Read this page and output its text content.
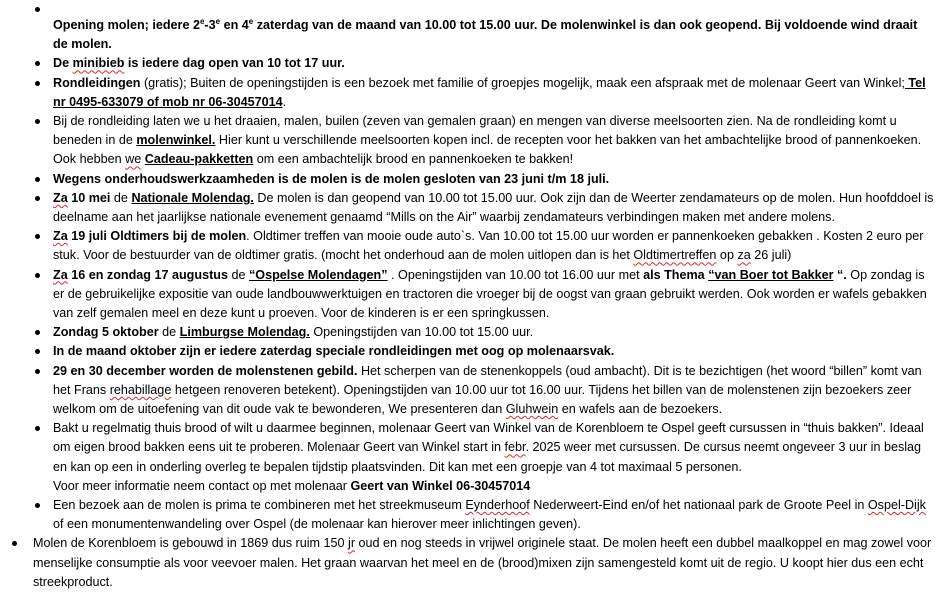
Opening molen; iedere 2e-3e en 4e zaterdag van de maand van 10.00 tot 15.00 uur. De molenwinkel is dan ook geopend. Bij voldoende wind draait de molen.
De minibieb is iedere dag open van 10 tot 17 uur.
Rondleidingen (gratis); Buiten de openingstijden is een bezoek met familie of groepjes mogelijk, maak een afspraak met de molenaar Geert van Winkel; Tel nr 0495-633079 of mob nr 06-30457014.
Bij de rondleiding laten we u het draaien, malen, builen (zeven van gemalen graan) en mengen van diverse meelsoorten zien. Na de rondleiding komt u beneden in de molenwinkel. Hier kunt u verschillende meelsoorten kopen incl. de recepten voor het bakken van het ambachtelijke brood of pannenkoeken. Ook hebben we Cadeau-pakketten om een ambachtelijk brood en pannenkoeken te bakken!
Wegens onderhoudswerkzaamheden is de molen is de molen gesloten van 23 juni t/m 18 juli.
Za 10 mei de Nationale Molendag. De molen is dan geopend van 10.00 tot 15.00 uur. Ook zijn dan de Weerter zendamateurs op de molen. Hun hoofddoel is deelname aan het jaarlijkse nationale evenement genaamd “Mills on the Air” waarbij zendamateurs verbindingen maken met andere molens.
Za 19 juli Oldtimers bij de molen. Oldtimer treffen van mooie oude auto`s. Van 10.00 tot 15.00 uur worden er pannenkoeken gebakken . Kosten 2 euro per stuk. Voor de bestuurder van de oldtimer gratis. (mocht het onderhoud aan de molen uitlopen dan is het Oldtimertreffen op za 26 juli)
Za 16 en zondag 17 augustus de “Ospelse Molendagen” . Openingstijden van 10.00 tot 16.00 uur met als Thema “van Boer tot Bakker “. Op zondag is er de gebruikelijke expositie van oude landbouwwerktuigen en tractoren die vroeger bij de oogst van graan gebruikt werden. Ook worden er wafels gebakken van zelf gemalen meel en deze kunt u proeven. Voor de kinderen is er een springkussen.
Zondag 5 oktober de Limburgse Molendag. Openingstijden van 10.00 tot 15.00 uur.
In de maand oktober zijn er iedere zaterdag speciale rondleidingen met oog op molenaarsvak.
29 en 30 december worden de molenstenen gebild. Het scherpen van de stenenkoppels (oud ambacht). Dit is te bezichtigen (het woord “billen” komt van het Frans rehabillage hetgeen renoveren betekent). Openingstijden van 10.00 uur tot 16.00 uur. Tijdens het billen van de molenstenen zijn bezoekers zeer welkom om de uitoefening van dit oude vak te bewonderen, We presenteren dan Gluhwein en wafels aan de bezoekers.
Bakt u regelmatig thuis brood of wilt u daarmee beginnen, molenaar Geert van Winkel van de Korenbloem te Ospel geeft cursussen in “thuis bakken”. Ideaal om eigen brood bakken eens uit te proberen. Molenaar Geert van Winkel start in febr. 2025 weer met cursussen. De cursus neemt ongeveer 3 uur in beslag en kan op een in onderling overleg te bepalen tijdstip plaatsvinden. Dit kan met een groepje van 4 tot maximaal 5 personen.
Voor meer informatie neem contact op met molenaar Geert van Winkel 06-30457014
Een bezoek aan de molen is prima te combineren met het streekmuseum Eynderhoof Nederweert-Eind en/of het nationaal park de Groote Peel in Ospel-Dijk of een monumentenwandeling over Ospel (de molenaar kan hierover meer inlichtingen geven).
Molen de Korenbloem is gebouwd in 1869 dus ruim 150 jr oud en nog steeds in vrijwel originele staat. De molen heeft een dubbel maalkoppel en mag zowel voor menselijke consumptie als voor veevoer malen. Het graan waarvan het meel en de (brood)mixen zijn samengesteld komt uit de regio. U koopt hier dus een echt streekproduct.
